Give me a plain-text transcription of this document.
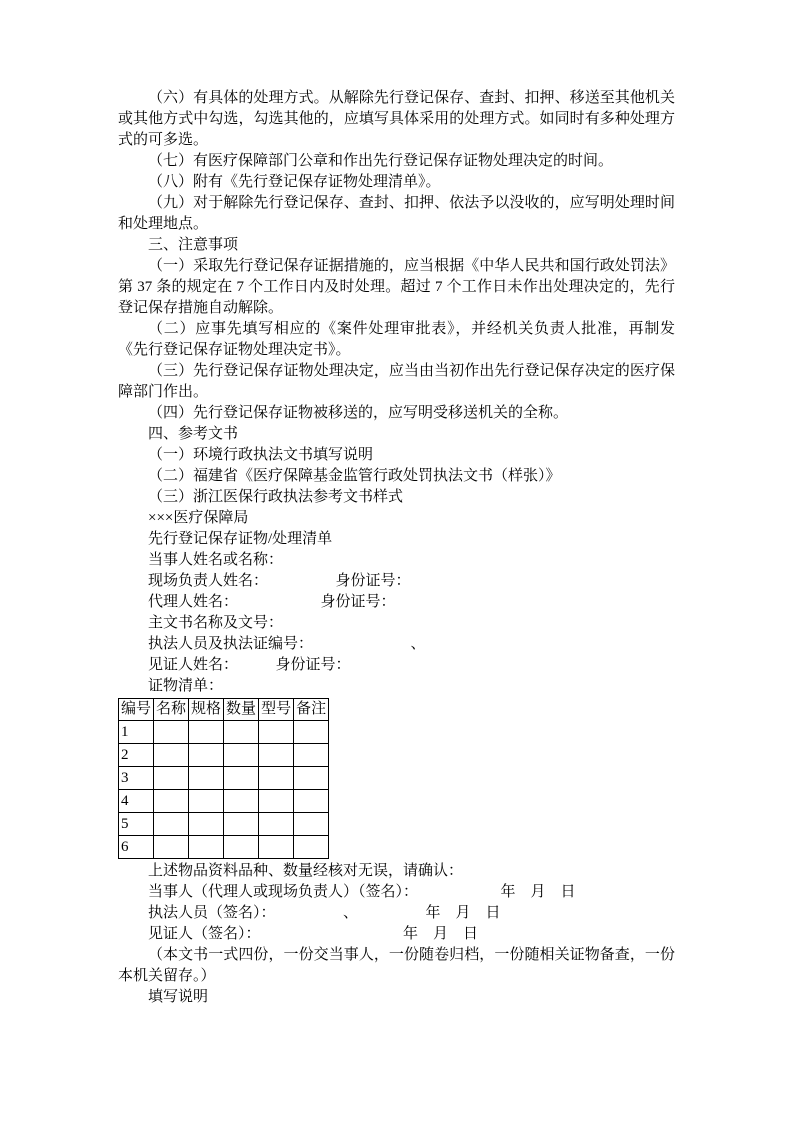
（六）有具体的处理方式。从解除先行登记保存、查封、扣押、移送至其他机关或其他方式中勾选，勾选其他的，应填写具体采用的处理方式。如同时有多种处理方式的可多选。

（七）有医疗保障部门公章和作出先行登记保存证物处理决定的时间。

（八）附有《先行登记保存证物处理清单》。

（九）对于解除先行登记保存、查封、扣押、依法予以没收的，应写明处理时间和处理地点。

三、注意事项

（一）采取先行登记保存证据措施的，应当根据《中华人民共和国行政处罚法》第 37 条的规定在 7 个工作日内及时处理。超过 7 个工作日未作出处理决定的，先行登记保存措施自动解除。

（二）应事先填写相应的《案件处理审批表》，并经机关负责人批准，再制发《先行登记保存证物处理决定书》。

（三）先行登记保存证物处理决定，应当由当初作出先行登记保存决定的医疗保障部门作出。

（四）先行登记保存证物被移送的，应写明受移送机关的全称。

四、参考文书

（一）环境行政执法文书填写说明

（二）福建省《医疗保障基金监管行政处罚执法文书（样张）》

（三）浙江医保行政执法参考文书样式

×××医疗保障局

先行登记保存证物/处理清单

当事人姓名或名称：

现场负责人姓名：　　　　　身份证号：

代理人姓名：　　　　　　身份证号：

主文书名称及文号：

执法人员及执法证编号：　　　　　　　、

见证人姓名：　　　身份证号：

证物清单：

编号	名称	规格	数量	型号	备注
1					
2					
3					
4					
5					
6					

上述物品资料品种、数量经核对无误，请确认：

当事人（代理人或现场负责人）（签名）：　　　　　　年　月　日

执法人员（签名）：　　　　　、　　　　　年　月　日

见证人（签名）：　　　　　　　　　　年　月　日

（本文书一式四份，一份交当事人，一份随卷归档，一份随相关证物备查，一份本机关留存。）

填写说明
